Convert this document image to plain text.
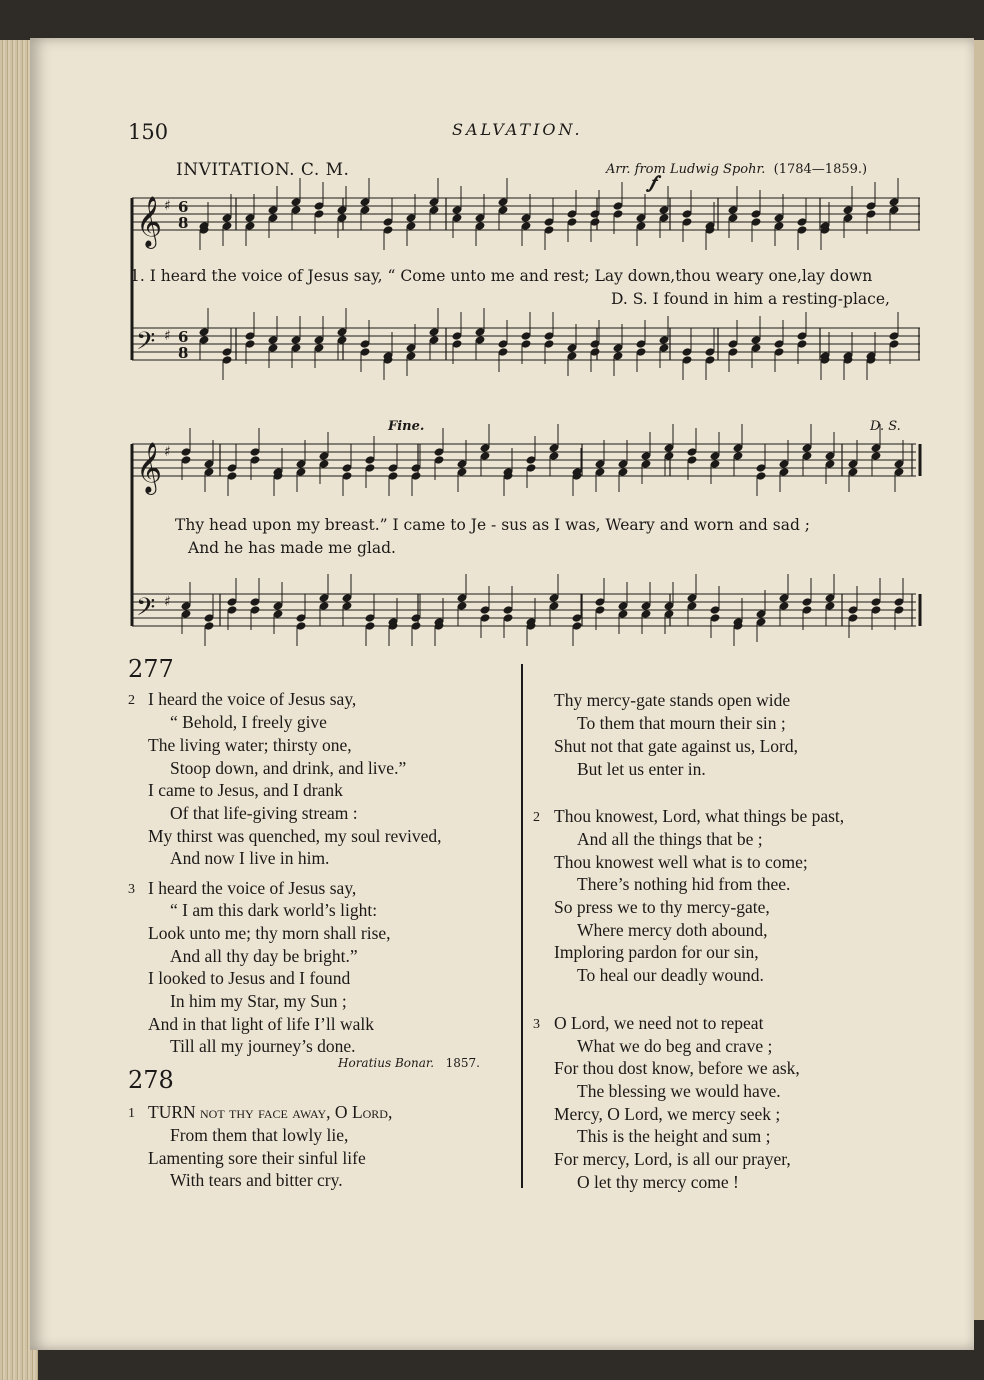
150	SALVATION.
INVITATION. C. M.	Arr. from Ludwig Spohr. (1784—1859.)
𝄞 ♯ 6
8
𝄢 ♯ 6
8
𝄞 ♯
𝄢 ♯
𝆑
Fine.	D. S.
1. I heard the voice of Jesus say, “ Come unto me and rest; Lay down,thou weary one,lay down
D. S. I found in him a resting-place,
Thy head upon my breast.” I came to Je - sus as I was, Weary and worn and sad ;
And he has made me glad.
277
2 I heard the voice of Jesus say,
“ Behold, I freely give
The living water; thirsty one,
Stoop down, and drink, and live.”
I came to Jesus, and I drank
Of that life-giving stream :
My thirst was quenched, my soul revived,
And now I live in him.
3 I heard the voice of Jesus say,
“ I am this dark world’s light:
Look unto me; thy morn shall rise,
And all thy day be bright.”
I looked to Jesus and I found
In him my Star, my Sun ;
And in that light of life I’ll walk
Till all my journey’s done.
Horatius Bonar. 1857.
278
1 TURN not thy face away, O Lord,
From them that lowly lie,
Lamenting sore their sinful life
With tears and bitter cry.
Thy mercy-gate stands open wide
To them that mourn their sin ;
Shut not that gate against us, Lord,
But let us enter in.
2 Thou knowest, Lord, what things be past,
And all the things that be ;
Thou knowest well what is to come;
There’s nothing hid from thee.
So press we to thy mercy-gate,
Where mercy doth abound,
Imploring pardon for our sin,
To heal our deadly wound.
3 O Lord, we need not to repeat
What we do beg and crave ;
For thou dost know, before we ask,
The blessing we would have.
Mercy, O Lord, we mercy seek ;
This is the height and sum ;
For mercy, Lord, is all our prayer,
O let thy mercy come !
